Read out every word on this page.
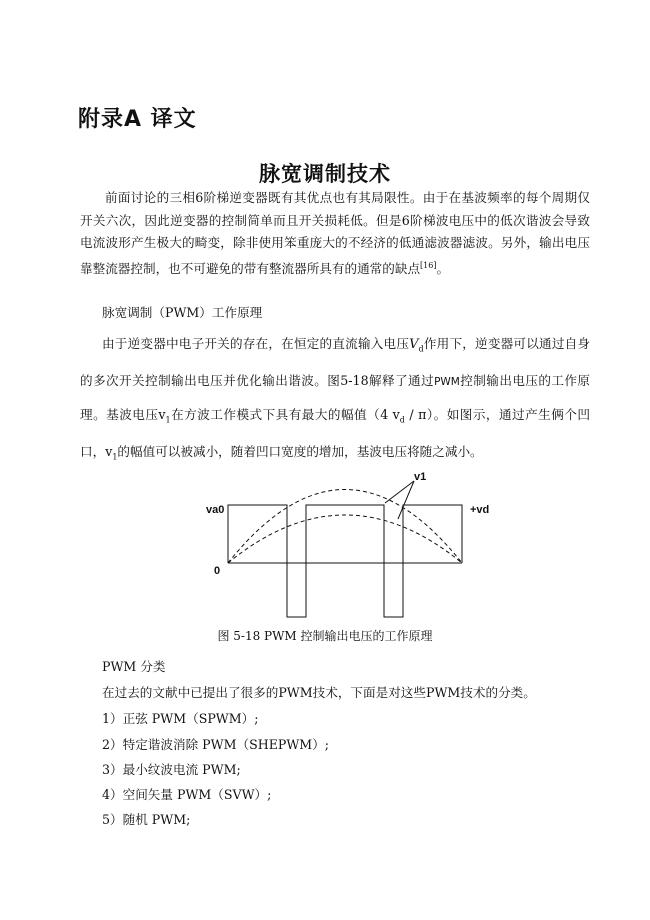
附录A 译文
脉宽调制技术

前面讨论的三相6阶梯逆变器既有其优点也有其局限性。由于在基波频率的每个周期仅开关六次，因此逆变器的控制简单而且开关损耗低。但是6阶梯波电压中的低次谐波会导致电流波形产生极大的畸变，除非使用笨重庞大的不经济的低通滤波器滤波。另外，输出电压靠整流器控制，也不可避免的带有整流器所具有的通常的缺点[16]。

脉宽调制（PWM）工作原理

由于逆变器中电子开关的存在，在恒定的直流输入电压$V_d$作用下，逆变器可以通过自身的多次开关控制输出电压并优化输出谐波。图5-18解释了通过PWM控制输出电压的工作原理。基波电压$v_1$在方波工作模式下具有最大的幅值（4 $v_d / \pi$）。如图示，通过产生俩个凹口，$v_1$的幅值可以被减小，随着凹口宽度的增加，基波电压将随之减小。

v1
va0	+vd
0

图 5-18 PWM 控制输出电压的工作原理

PWM 分类
在过去的文献中已提出了很多的PWM技术，下面是对这些PWM技术的分类。
1）正弦 PWM（SPWM）;
2）特定谐波消除 PWM（SHEPWM）;
3）最小纹波电流 PWM;
4）空间矢量 PWM（SVW）;
5）随机 PWM;
